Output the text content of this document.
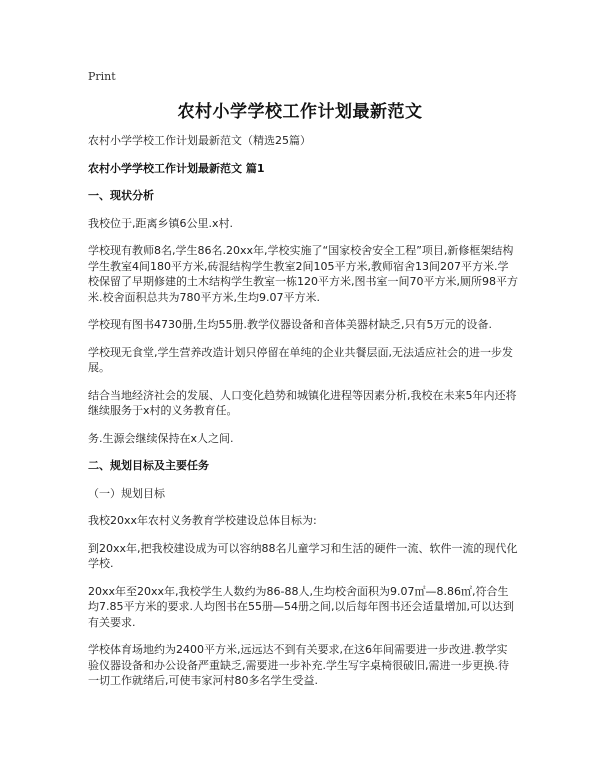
Print
农村小学学校工作计划最新范文

农村小学学校工作计划最新范文（精选25篇）

农村小学学校工作计划最新范文 篇1

一、现状分析

我校位于,距离乡镇6公里.x村.

学校现有教师8名,学生86名.20xx年,学校实施了“国家校舍安全工程”项目,新修框架结构学生教室4间180平方米,砖混结构学生教室2间105平方米,教师宿舍13间207平方米.学校保留了早期修建的土木结构学生教室一栋120平方米,图书室一间70平方米,厕所98平方米.校舍面积总共为780平方米,生均9.07平方米.

学校现有图书4730册,生均55册.教学仪器设备和音体美器材缺乏,只有5万元的设备.

学校现无食堂,学生营养改造计划只停留在单纯的企业共餐层面,无法适应社会的进一步发展。

结合当地经济社会的发展、人口变化趋势和城镇化进程等因素分析,我校在未来5年内还将继续服务于x村的义务教育任。

务.生源会继续保持在x人之间.

二、规划目标及主要任务

（一）规划目标

我校20xx年农村义务教育学校建设总体目标为:

到20xx年,把我校建设成为可以容纳88名儿童学习和生活的硬件一流、软件一流的现代化学校.

20xx年至20xx年,我校学生人数约为86-88人,生均校舍面积为9.07㎡—8.86㎡,符合生均7.85平方米的要求.人均图书在55册—54册之间,以后每年图书还会适量增加,可以达到有关要求.

学校体育场地约为2400平方米,远远达不到有关要求,在这6年间需要进一步改进.教学实验仪器设备和办公设备严重缺乏,需要进一步补充.学生写字桌椅很破旧,需进一步更换.待一切工作就绪后,可使韦家河村80多名学生受益.
